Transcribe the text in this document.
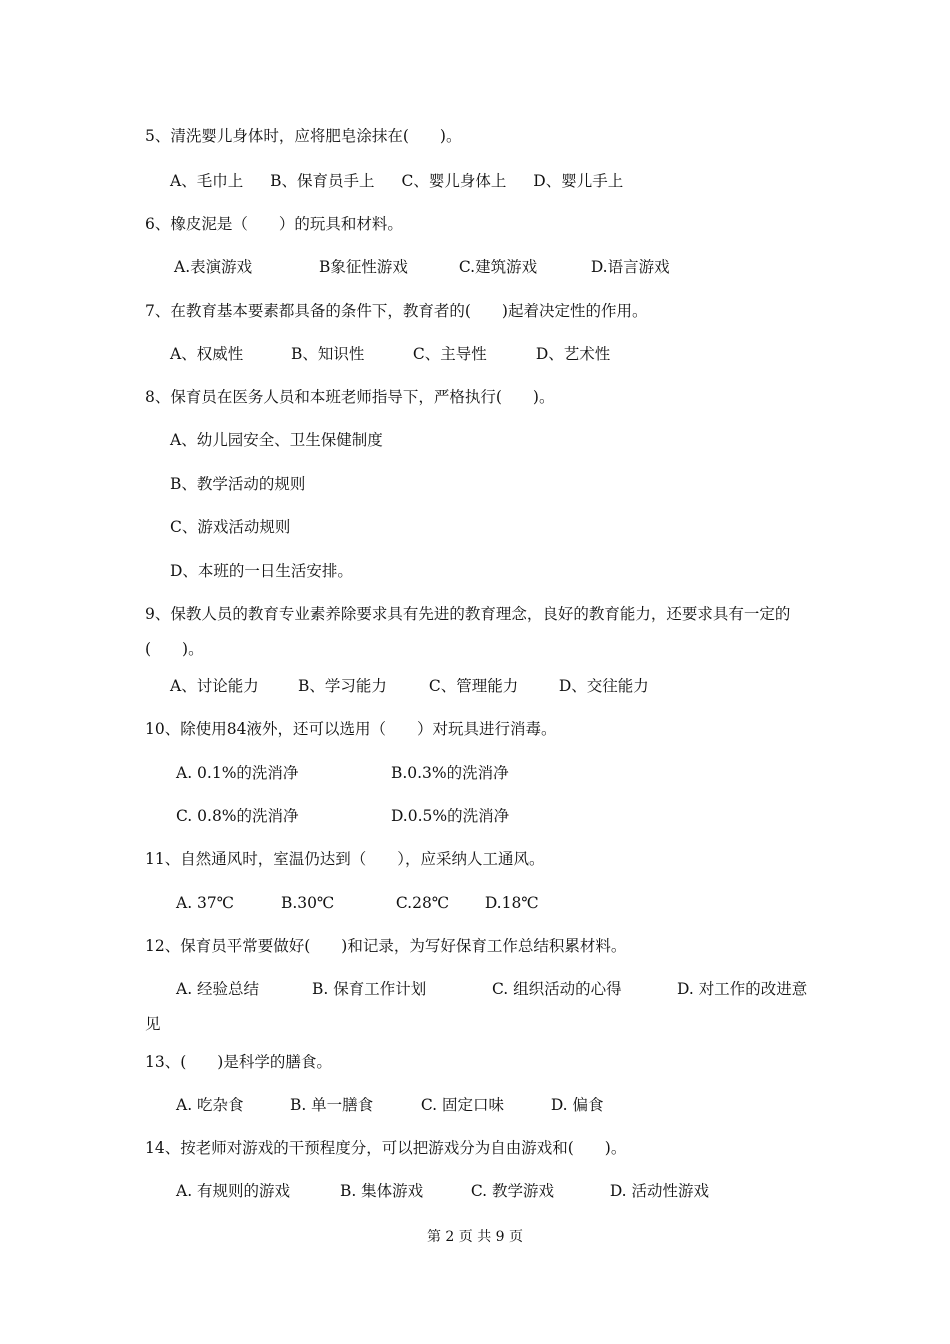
5、清洗婴儿身体时，应将肥皂涂抹在(　　)。
A、毛巾上 B、保育员手上 C、婴儿身体上 D、婴儿手上
6、橡皮泥是（　　）的玩具和材料。
A.表演游戏	B象征性游戏	C.建筑游戏	D.语言游戏
7、在教育基本要素都具备的条件下，教育者的(　　)起着决定性的作用。
A、权威性	B、知识性	C、主导性	D、艺术性
8、保育员在医务人员和本班老师指导下，严格执行(　　)。
A、幼儿园安全、卫生保健制度
B、教学活动的规则
C、游戏活动规则
D、本班的一日生活安排。
9、保教人员的教育专业素养除要求具有先进的教育理念，良好的教育能力，还要求具有一定的(　　)。
A、讨论能力	B、学习能力	C、管理能力	D、交往能力
10、除使用84液外，还可以选用（　　）对玩具进行消毒。
A. 0.1%的洗消净	B.0.3%的洗消净
C. 0.8%的洗消净	D.0.5%的洗消净
11、自然通风时，室温仍达到（　　），应采纳人工通风。
A. 37℃	B.30℃	C.28℃ D.18℃
12、保育员平常要做好(　　)和记录，为写好保育工作总结积累材料。
A. 经验总结	B. 保育工作计划	C. 组织活动的心得	D. 对工作的改进意见
13、(　　)是科学的膳食。
A. 吃杂食	B. 单一膳食	C. 固定口味	D. 偏食
14、按老师对游戏的干预程度分，可以把游戏分为自由游戏和(　　)。
A. 有规则的游戏	B. 集体游戏	C. 教学游戏	D. 活动性游戏
第 2 页 共 9 页
